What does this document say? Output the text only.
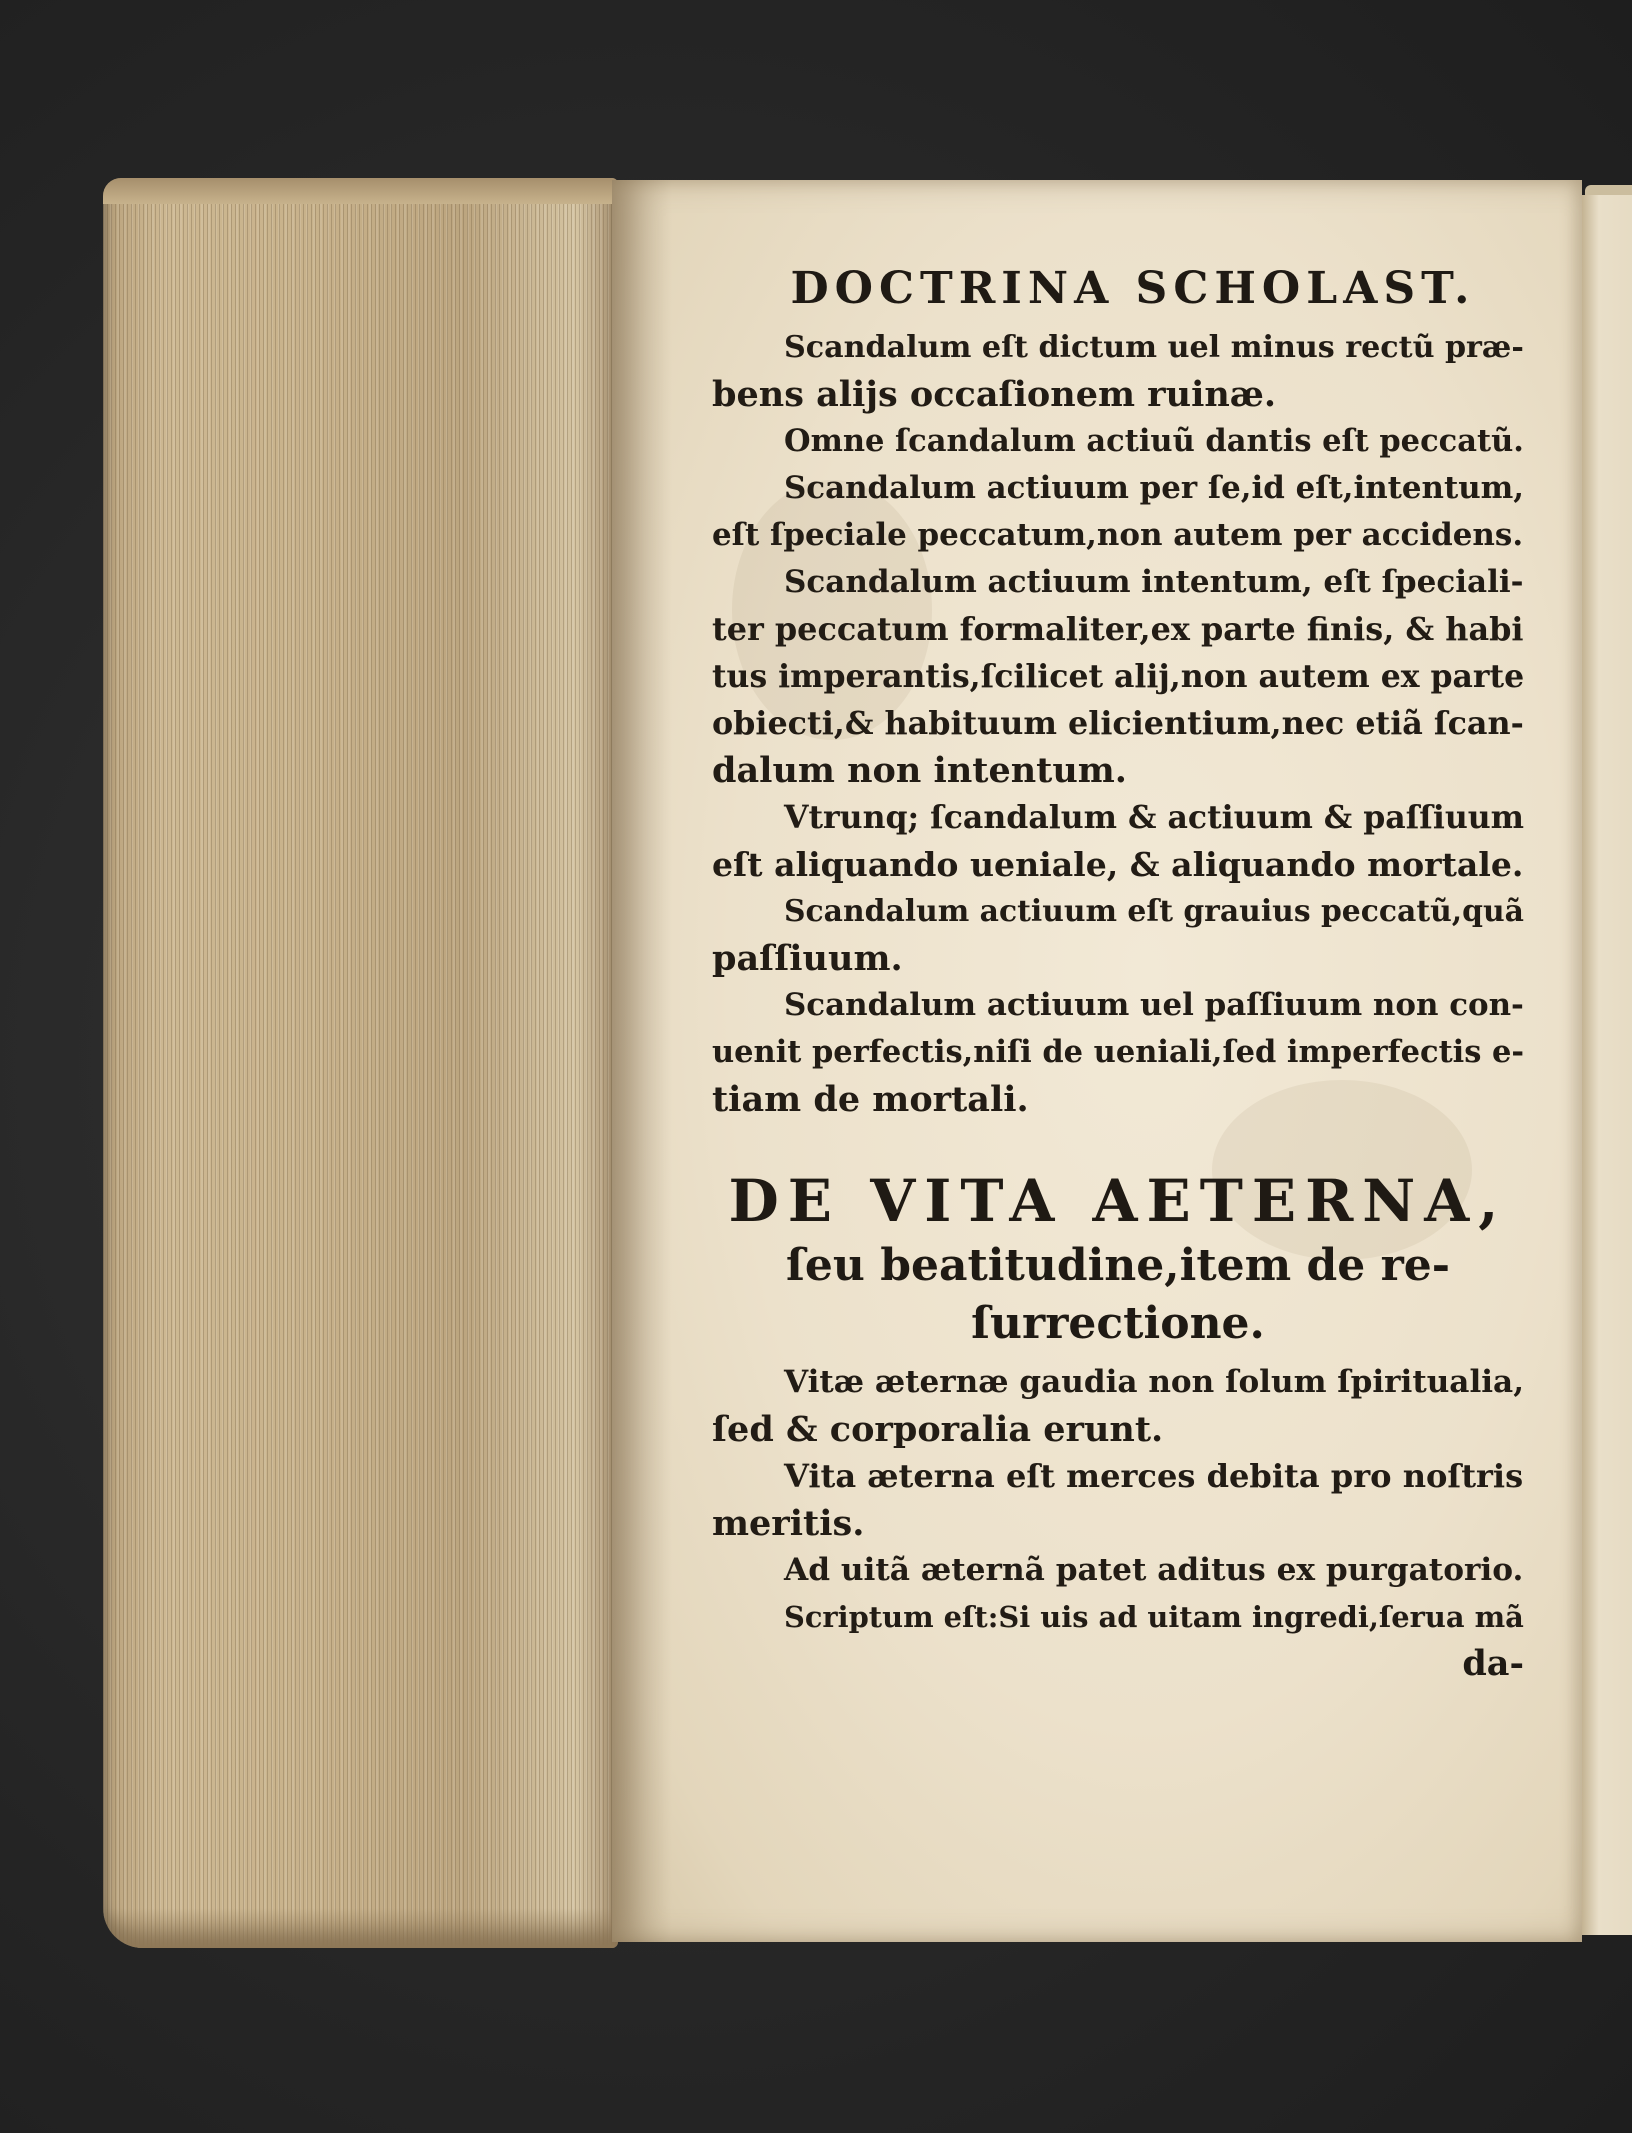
DOCTRINA SCHOLAST.

Scandalum eſt dictum uel minus rectũ præ-
bens alijs occaſionem ruinæ.

Omne ſcandalum actiuũ dantis eſt peccatũ.

Scandalum actiuum per ſe,id eſt,intentum,
eſt ſpeciale peccatum,non autem per accidens.

Scandalum actiuum intentum, eſt ſpeciali-
ter peccatum formaliter,ex parte finis, & habi
tus imperantis,ſcilicet alij,non autem ex parte
obiecti,& habituum elicientium,nec etiã ſcan-
dalum non intentum.

Vtrunq; ſcandalum & actiuum & paſſiuum
eſt aliquando ueniale, & aliquando mortale.

Scandalum actiuum eſt grauius peccatũ,quã
paſſiuum.

Scandalum actiuum uel paſſiuum non con-
uenit perfectis,niſi de ueniali,ſed imperfectis e-
tiam de mortali.

DE VITA AETERNA,
ſeu beatitudine,item de re-
ſurrectione.

Vitæ æternæ gaudia non ſolum ſpiritualia,
ſed & corporalia erunt.

Vita æterna eſt merces debita pro noſtris
meritis.

Ad uitã æternã patet aditus ex purgatorio.

Scriptum eſt:Si uis ad uitam ingredi,ſerua mã

da-
